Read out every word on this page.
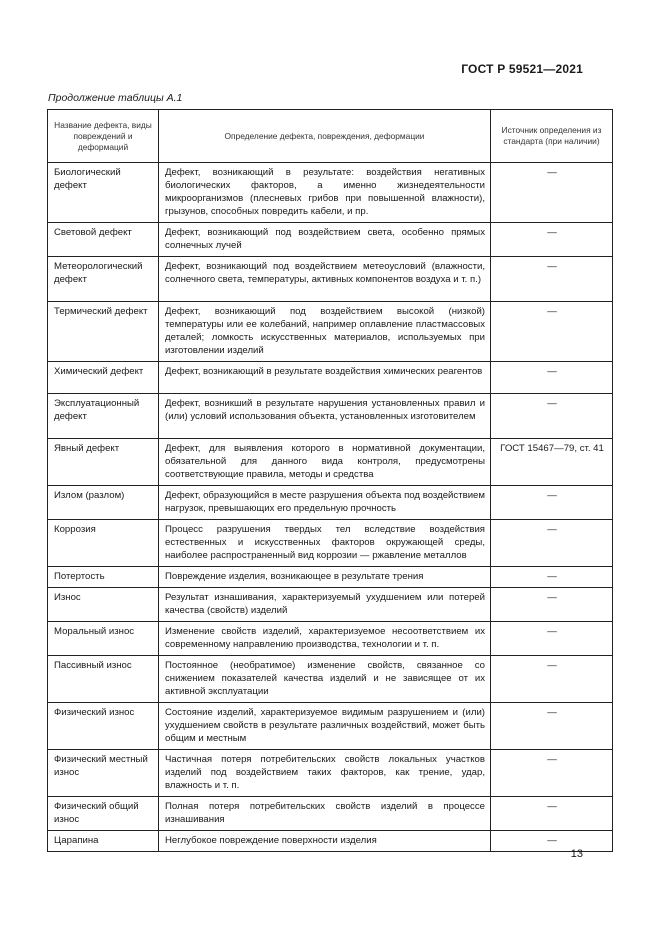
ГОСТ Р 59521—2021
Продолжение таблицы А.1
Название дефекта, виды повреждений и деформаций	Определение дефекта, повреждения, деформации	Источник определения из стандарта (при наличии)
Биологический дефект	Дефект, возникающий в результате: воздействия негативных биологических факторов, а именно жизнедеятельности микроорганизмов (плесневых грибов при повышенной влажности), грызунов, способных повредить кабели, и пр.	—
Световой дефект	Дефект, возникающий под воздействием света, особенно прямых солнечных лучей	—
Метеорологический дефект	Дефект, возникающий под воздействием метеоусловий (влажности, солнечного света, температуры, активных компонентов воздуха и т. п.)	—
Термический дефект	Дефект, возникающий под воздействием высокой (низкой) температуры или ее колебаний, например оплавление пластмассовых деталей; ломкость искусственных материалов, используемых при изготовлении изделий	—
Химический дефект	Дефект, возникающий в результате воздействия химических реагентов	—
Эксплуатационный дефект	Дефект, возникший в результате нарушения установленных правил и (или) условий использования объекта, установленных изготовителем	—
Явный дефект	Дефект, для выявления которого в нормативной документации, обязательной для данного вида контроля, предусмотрены соответствующие правила, методы и средства	ГОСТ 15467—79, ст. 41
Излом (разлом)	Дефект, образующийся в месте разрушения объекта под воздействием нагрузок, превышающих его предельную прочность	—
Коррозия	Процесс разрушения твердых тел вследствие воздействия естественных и искусственных факторов окружающей среды, наиболее распространенный вид коррозии — ржавление металлов	—
Потертость	Повреждение изделия, возникающее в результате трения	—
Износ	Результат изнашивания, характеризуемый ухудшением или потерей качества (свойств) изделий	—
Моральный износ	Изменение свойств изделий, характеризуемое несоответствием их современному направлению производства, технологии и т. п.	—
Пассивный износ	Постоянное (необратимое) изменение свойств, связанное со снижением показателей качества изделий и не зависящее от их активной эксплуатации	—
Физический износ	Состояние изделий, характеризуемое видимым разрушением и (или) ухудшением свойств в результате различных воздействий, может быть общим и местным	—
Физический местный износ	Частичная потеря потребительских свойств локальных участков изделий под воздействием таких факторов, как трение, удар, влажность и т. п.	—
Физический общий износ	Полная потеря потребительских свойств изделий в процессе изнашивания	—
Царапина	Неглубокое повреждение поверхности изделия	—
13
